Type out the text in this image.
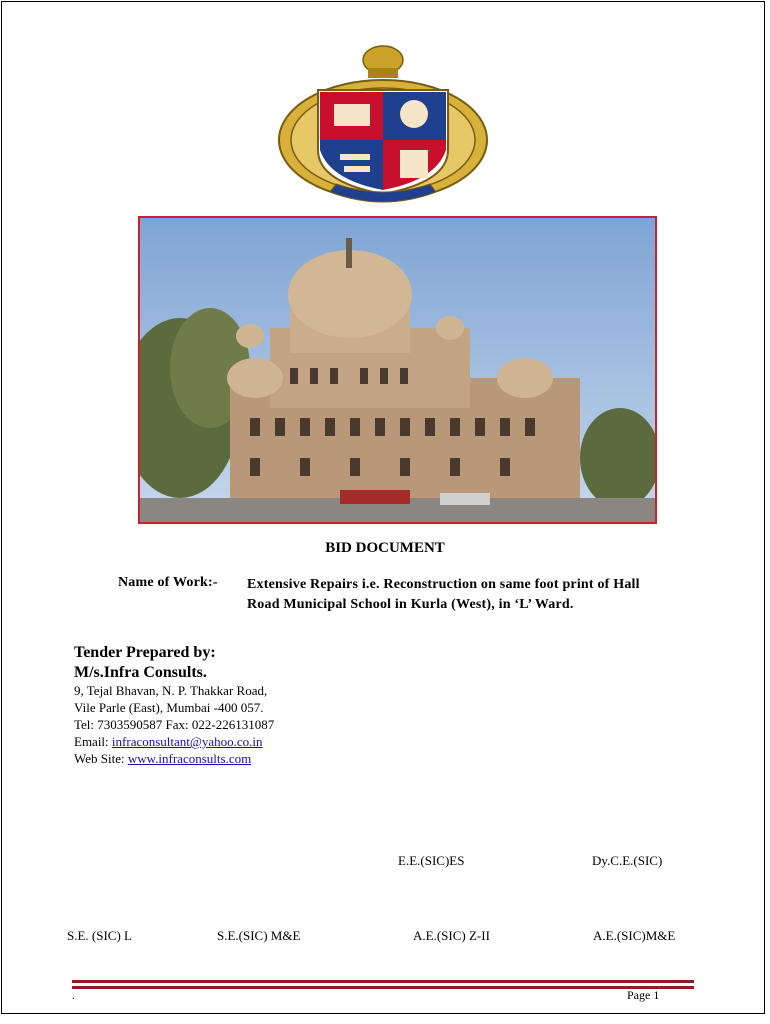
BID DOCUMENT
Name of Work:- Extensive Repairs i.e. Reconstruction on same foot print of Hall Road Municipal School in Kurla (West), in ‘L’ Ward.
Tender Prepared by:
M/s.Infra Consults.
9, Tejal Bhavan, N. P. Thakkar Road,
Vile Parle (East), Mumbai -400 057.
Tel: 7303590587 Fax: 022-226131087
Email: infraconsultant@yahoo.co.in
Web Site: www.infraconsults.com
E.E.(SIC)ES	Dy.C.E.(SIC)
S.E. (SIC) L	S.E.(SIC) M&E	A.E.(SIC) Z-II	A.E.(SIC)M&E
.	Page 1
